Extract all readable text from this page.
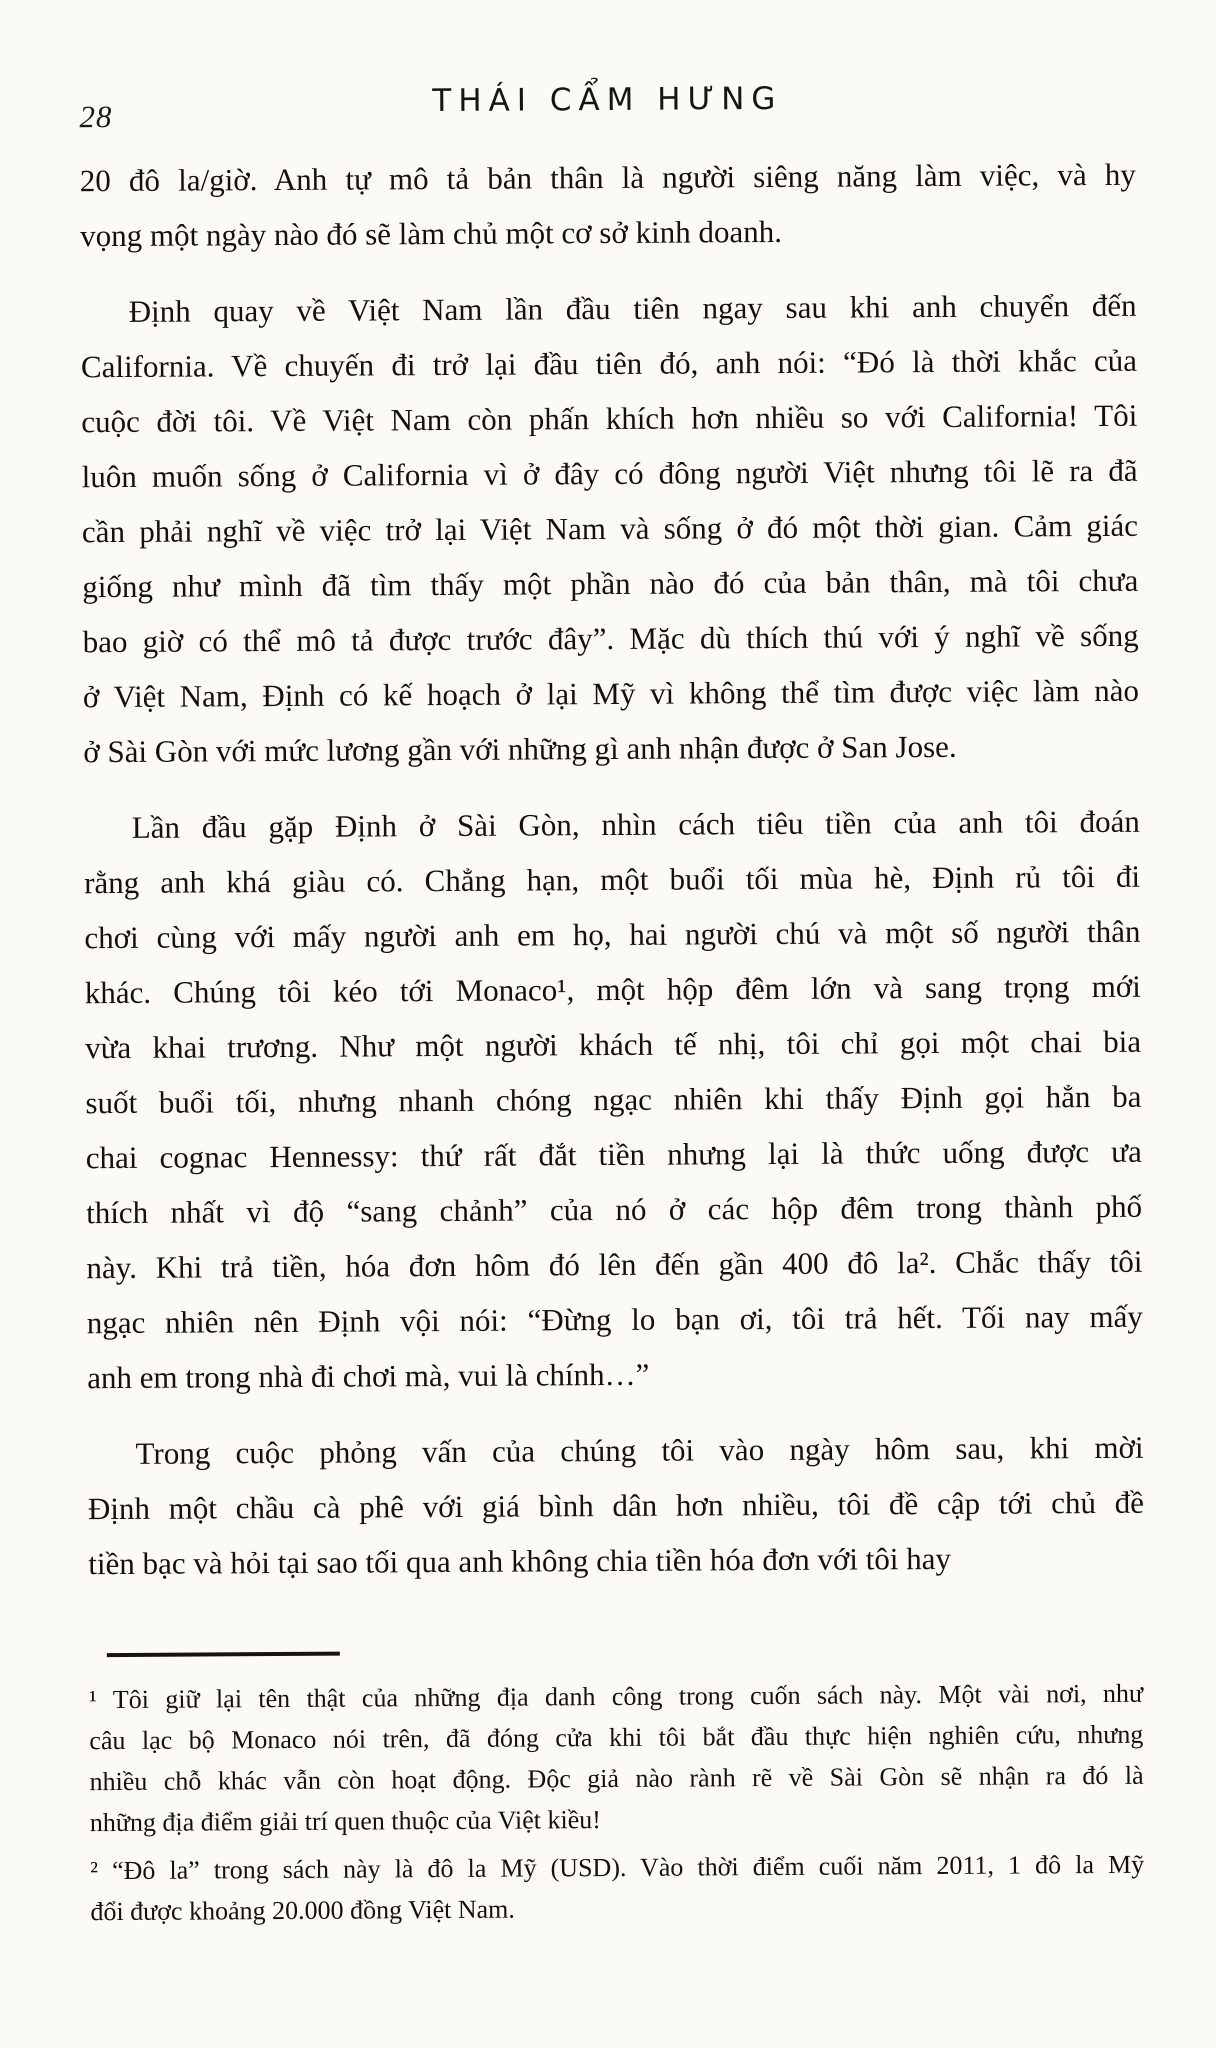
28	THÁI CẨM HƯNG

20 đô la/giờ. Anh tự mô tả bản thân là người siêng năng làm việc, và hy
vọng một ngày nào đó sẽ làm chủ một cơ sở kinh doanh.

Định quay về Việt Nam lần đầu tiên ngay sau khi anh chuyển đến
California. Về chuyến đi trở lại đầu tiên đó, anh nói: “Đó là thời khắc của
cuộc đời tôi. Về Việt Nam còn phấn khích hơn nhiều so với California! Tôi
luôn muốn sống ở California vì ở đây có đông người Việt nhưng tôi lẽ ra đã
cần phải nghĩ về việc trở lại Việt Nam và sống ở đó một thời gian. Cảm giác
giống như mình đã tìm thấy một phần nào đó của bản thân, mà tôi chưa
bao giờ có thể mô tả được trước đây”. Mặc dù thích thú với ý nghĩ về sống
ở Việt Nam, Định có kế hoạch ở lại Mỹ vì không thể tìm được việc làm nào
ở Sài Gòn với mức lương gần với những gì anh nhận được ở San Jose.

Lần đầu gặp Định ở Sài Gòn, nhìn cách tiêu tiền của anh tôi đoán
rằng anh khá giàu có. Chẳng hạn, một buổi tối mùa hè, Định rủ tôi đi
chơi cùng với mấy người anh em họ, hai người chú và một số người thân
khác. Chúng tôi kéo tới Monaco¹, một hộp đêm lớn và sang trọng mới
vừa khai trương. Như một người khách tế nhị, tôi chỉ gọi một chai bia
suốt buổi tối, nhưng nhanh chóng ngạc nhiên khi thấy Định gọi hẳn ba
chai cognac Hennessy: thứ rất đắt tiền nhưng lại là thức uống được ưa
thích nhất vì độ “sang chảnh” của nó ở các hộp đêm trong thành phố
này. Khi trả tiền, hóa đơn hôm đó lên đến gần 400 đô la². Chắc thấy tôi
ngạc nhiên nên Định vội nói: “Đừng lo bạn ơi, tôi trả hết. Tối nay mấy
anh em trong nhà đi chơi mà, vui là chính…”

Trong cuộc phỏng vấn của chúng tôi vào ngày hôm sau, khi mời
Định một chầu cà phê với giá bình dân hơn nhiều, tôi đề cập tới chủ đề
tiền bạc và hỏi tại sao tối qua anh không chia tiền hóa đơn với tôi hay

¹ Tôi giữ lại tên thật của những địa danh công trong cuốn sách này. Một vài nơi, như
câu lạc bộ Monaco nói trên, đã đóng cửa khi tôi bắt đầu thực hiện nghiên cứu, nhưng
nhiều chỗ khác vẫn còn hoạt động. Độc giả nào rành rẽ về Sài Gòn sẽ nhận ra đó là
những địa điểm giải trí quen thuộc của Việt kiều!

² “Đô la” trong sách này là đô la Mỹ (USD). Vào thời điểm cuối năm 2011, 1 đô la Mỹ
đổi được khoảng 20.000 đồng Việt Nam.
